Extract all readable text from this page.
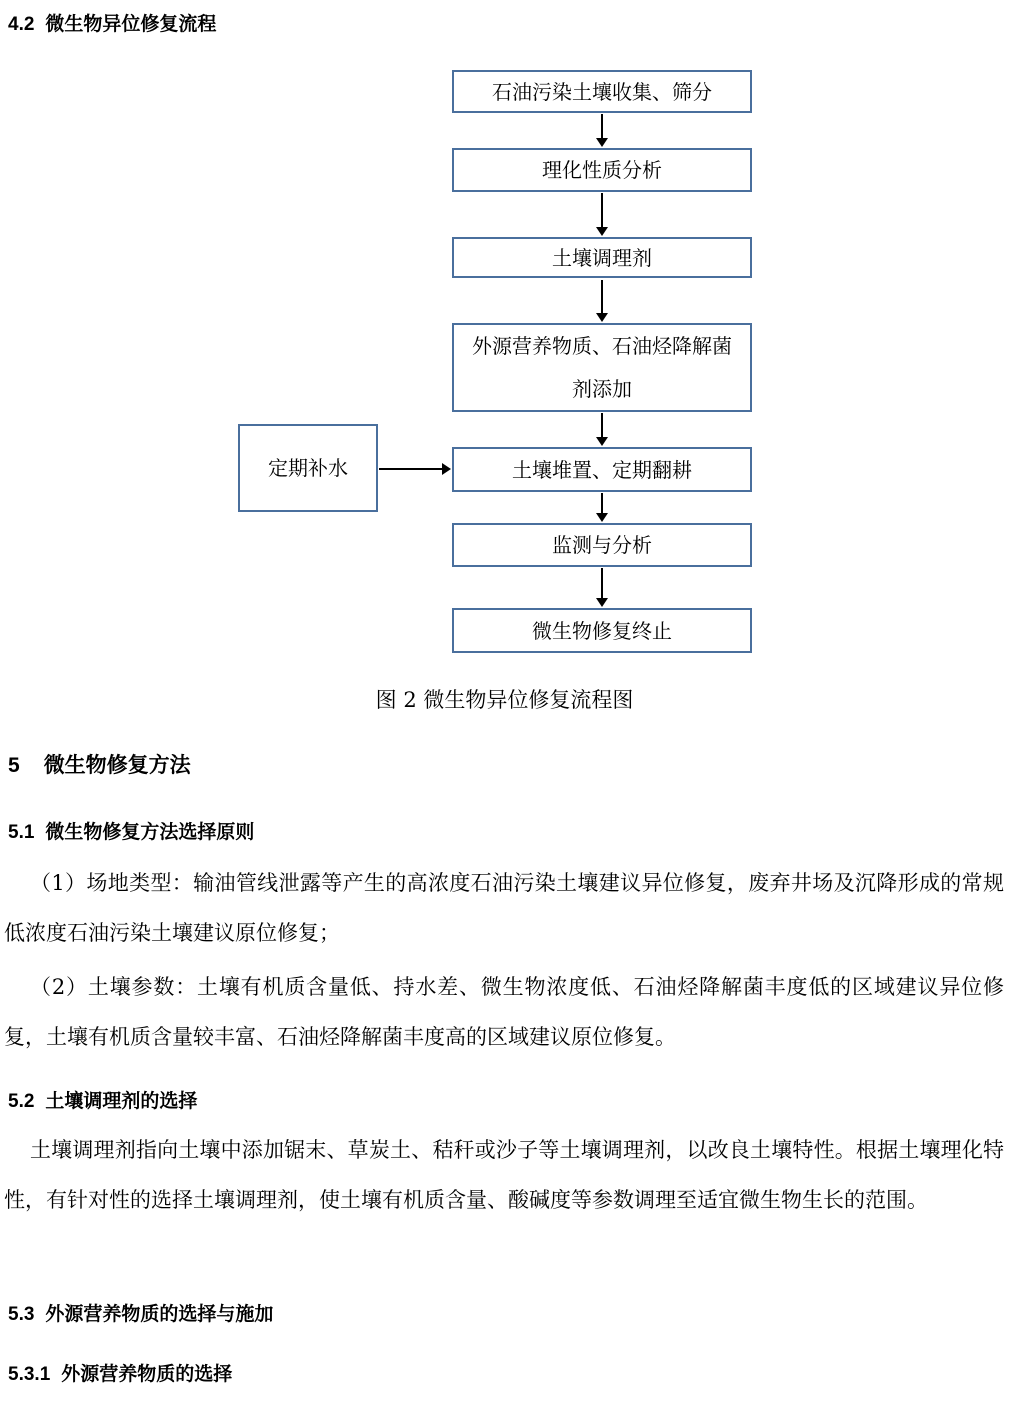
4.2 微生物异位修复流程
石油污染土壤收集、筛分
理化性质分析
土壤调理剂
外源营养物质、石油烃降解菌剂添加
定期补水	土壤堆置、定期翻耕
监测与分析
微生物修复终止
图 2 微生物异位修复流程图
5 微生物修复方法
5.1 微生物修复方法选择原则
（1）场地类型：输油管线泄露等产生的高浓度石油污染土壤建议异位修复，废弃井场及沉降形成的常规低浓度石油污染土壤建议原位修复；
（2）土壤参数：土壤有机质含量低、持水差、微生物浓度低、石油烃降解菌丰度低的区域建议异位修复，土壤有机质含量较丰富、石油烃降解菌丰度高的区域建议原位修复。
5.2 土壤调理剂的选择
土壤调理剂指向土壤中添加锯末、草炭土、秸秆或沙子等土壤调理剂，以改良土壤特性。根据土壤理化特性，有针对性的选择土壤调理剂，使土壤有机质含量、酸碱度等参数调理至适宜微生物生长的范围。
5.3 外源营养物质的选择与施加
5.3.1 外源营养物质的选择
